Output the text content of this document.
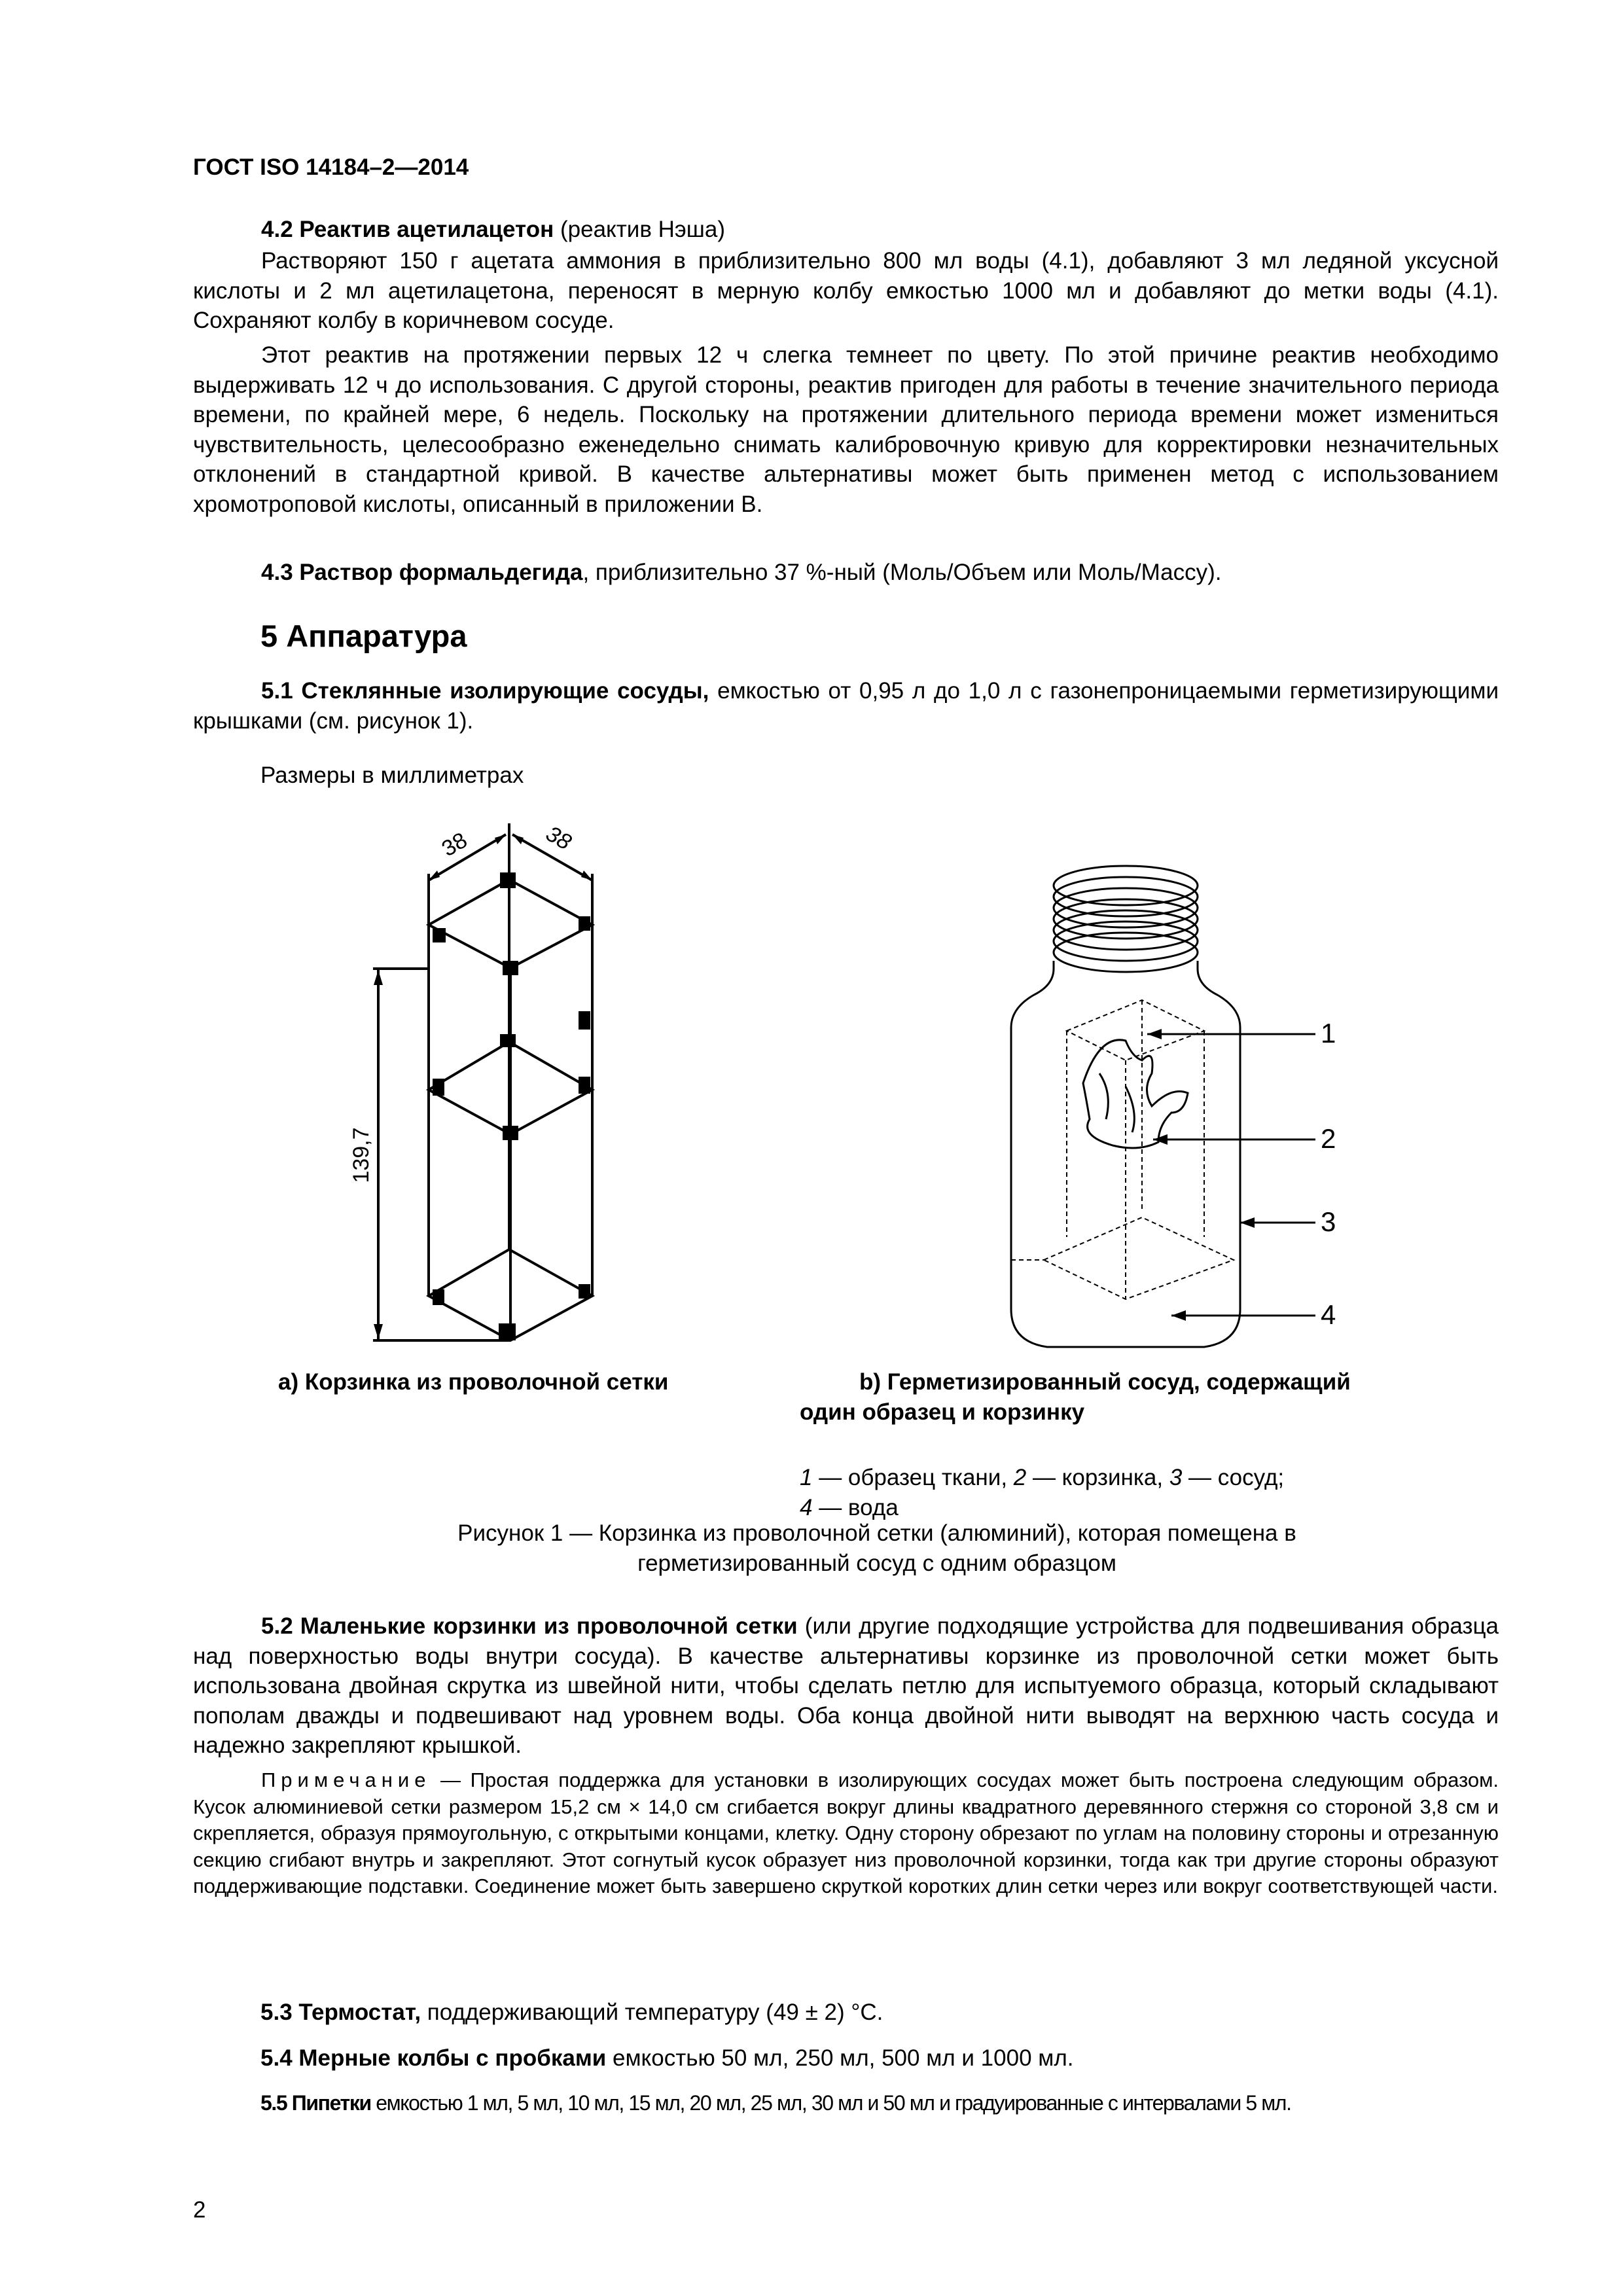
ГОСТ ISO 14184–2—2014
4.2 Реактив ацетилацетон (реактив Нэша)
Растворяют 150 г ацетата аммония в приблизительно 800 мл воды (4.1), добавляют 3 мл ледяной уксусной кислоты и 2 мл ацетилацетона, переносят в мерную колбу емкостью 1000 мл и добавляют до метки воды (4.1). Сохраняют колбу в коричневом сосуде.
Этот реактив на протяжении первых 12 ч слегка темнеет по цвету. По этой причине реактив необходимо выдерживать 12 ч до использования. С другой стороны, реактив пригоден для работы в течение значительного периода времени, по крайней мере, 6 недель. Поскольку на протяжении длительного периода времени может измениться чувствительность, целесообразно еженедельно снимать калибровочную кривую для корректировки незначительных отклонений в стандартной кривой. В качестве альтернативы может быть применен метод с использованием хромотроповой кислоты, описанный в приложении В.
4.3 Раствор формальдегида, приблизительно 37 %-ный (Моль/Объем или Моль/Массу).
5 Аппаратура
5.1 Стеклянные изолирующие сосуды, емкостью от 0,95 л до 1,0 л с газонепроницаемыми герметизирующими крышками (см. рисунок 1).
Размеры в миллиметрах
38	38
139,7
1
2
3
4
a) Корзинка из проволочной сетки	b) Герметизированный сосуд, содержащий
один образец и корзинку
1 — образец ткани, 2 — корзинка, 3 — сосуд;
4 — вода
Рисунок 1 — Корзинка из проволочной сетки (алюминий), которая помещена в
герметизированный сосуд с одним образцом
5.2 Маленькие корзинки из проволочной сетки (или другие подходящие устройства для подвешивания образца над поверхностью воды внутри сосуда). В качестве альтернативы корзинке из проволочной сетки может быть использована двойная скрутка из швейной нити, чтобы сделать петлю для испытуемого образца, который складывают пополам дважды и подвешивают над уровнем воды. Оба конца двойной нити выводят на верхнюю часть сосуда и надежно закрепляют крышкой.
Примечание — Простая поддержка для установки в изолирующих сосудах может быть построена следующим образом. Кусок алюминиевой сетки размером 15,2 см × 14,0 см сгибается вокруг длины квадратного деревянного стержня со стороной 3,8 см и скрепляется, образуя прямоугольную, с открытыми концами, клетку. Одну сторону обрезают по углам на половину стороны и отрезанную секцию сгибают внутрь и закрепляют. Этот согнутый кусок образует низ проволочной корзинки, тогда как три другие стороны образуют поддерживающие подставки. Соединение может быть завершено скруткой коротких длин сетки через или вокруг соответствующей части.
5.3 Термостат, поддерживающий температуру (49 ± 2) °С.
5.4 Мерные колбы с пробками емкостью 50 мл, 250 мл, 500 мл и 1000 мл.
5.5 Пипетки емкостью 1 мл, 5 мл, 10 мл, 15 мл, 20 мл, 25 мл, 30 мл и 50 мл и градуированные с интервалами 5 мл.
2
